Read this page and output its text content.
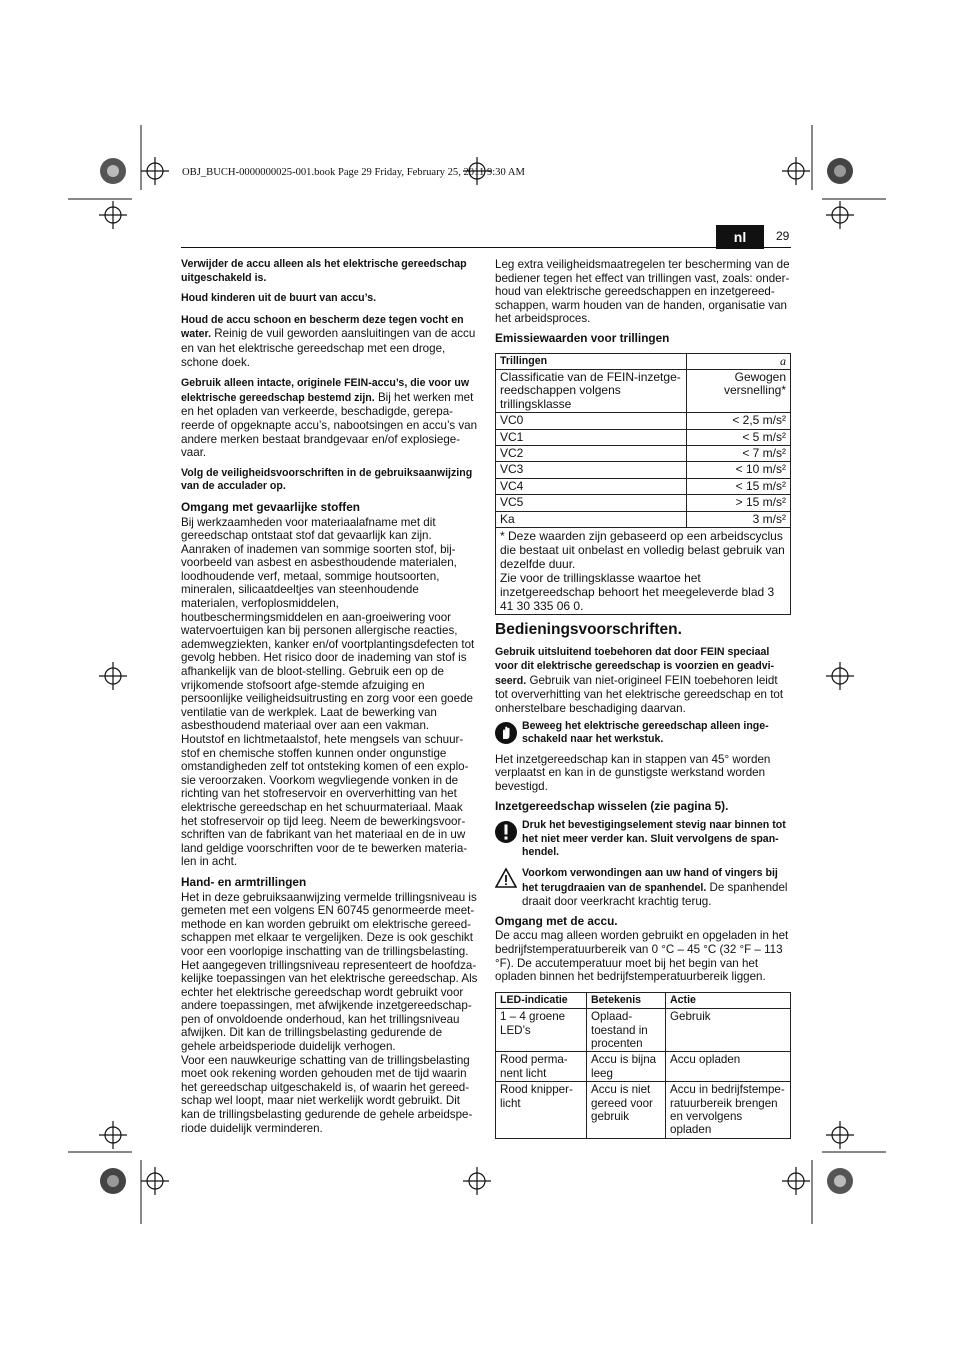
OBJ_BUCH-0000000025-001.book Page 29 Friday, February 25, 2011 9:30 AM
nl	29

Verwijder de accu alleen als het elektrische gereedschap uitgeschakeld is.

Houd kinderen uit de buurt van accu’s.

Houd de accu schoon en bescherm deze tegen vocht en water. Reinig de vuil geworden aansluitingen van de accu en van het elektrische gereedschap met een droge, schone doek.

Gebruik alleen intacte, originele FEIN-accu’s, die voor uw elektrische gereedschap bestemd zijn. Bij het werken met en het opladen van verkeerde, beschadigde, gerepa-reerde of opgeknapte accu’s, nabootsingen en accu’s van andere merken bestaat brandgevaar en/of explosiege-vaar.

Volg de veiligheidsvoorschriften in de gebruiksaanwijzing van de acculader op.

Omgang met gevaarlijke stoffen
Bij werkzaamheden voor materiaalafname met dit gereedschap ontstaat stof dat gevaarlijk kan zijn. Aanraken of inademen van sommige soorten stof, bij-voorbeeld van asbest en asbesthoudende materialen, loodhoudende verf, metaal, sommige houtsoorten, mineralen, silicaatdeeltjes van steenhoudende materialen, verfoplosmiddelen, houtbeschermingsmiddelen en aan-groeiwering voor watervoertuigen kan bij personen allergische reacties, ademwegziekten, kanker en/of voortplantingsdefecten tot gevolg hebben. Het risico door de inademing van stof is afhankelijk van de bloot-stelling. Gebruik een op de vrijkomende stofsoort afge-stemde afzuiging en persoonlijke veiligheidsuitrusting en zorg voor een goede ventilatie van de werkplek. Laat de bewerking van asbesthoudend materiaal over aan een vakman.
Houtstof en lichtmetaalstof, hete mengsels van schuur-stof en chemische stoffen kunnen onder ongunstige omstandigheden zelf tot ontsteking komen of een explo-sie veroorzaken. Voorkom wegvliegende vonken in de richting van het stofreservoir en oververhitting van het elektrische gereedschap en het schuurmateriaal. Maak het stofreservoir op tijd leeg. Neem de bewerkingsvoor-schriften van de fabrikant van het materiaal en de in uw land geldige voorschriften voor de te bewerken materia-len in acht.
Hand- en armtrillingen
Het in deze gebruiksaanwijzing vermelde trillingsniveau is gemeten met een volgens EN 60745 genormeerde meet-methode en kan worden gebruikt om elektrische gereed-schappen met elkaar te vergelijken. Deze is ook geschikt voor een voorlopige inschatting van de trillingsbelasting.
Het aangegeven trillingsniveau representeert de hoofdza-kelijke toepassingen van het elektrische gereedschap. Als echter het elektrische gereedschap wordt gebruikt voor andere toepassingen, met afwijkende inzetgereedschap-pen of onvoldoende onderhoud, kan het trillingsniveau afwijken. Dit kan de trillingsbelasting gedurende de gehele arbeidsperiode duidelijk verhogen.
Voor een nauwkeurige schatting van de trillingsbelasting moet ook rekening worden gehouden met de tijd waarin het gereedschap uitgeschakeld is, of waarin het gereed-schap wel loopt, maar niet werkelijk wordt gebruikt. Dit kan de trillingsbelasting gedurende de gehele arbeidspe-riode duidelijk verminderen.

Leg extra veiligheidsmaatregelen ter bescherming van de bediener tegen het effect van trillingen vast, zoals: onder-houd van elektrische gereedschappen en inzetgereed-schappen, warm houden van de handen, organisatie van het arbeidsproces.

Emissiewaarden voor trillingen
Trillingen	a
Classificatie van de FEIN-inzetge-reedschappen volgens trillingsklasse	Gewogen versnelling*
VC0	< 2,5 m/s²
VC1	< 5 m/s²
VC2	< 7 m/s²
VC3	< 10 m/s²
VC4	< 15 m/s²
VC5	> 15 m/s²
Ka	3 m/s²

* Deze waarden zijn gebaseerd op een arbeidscyclus die bestaat uit onbelast en volledig belast gebruik van dezelfde duur.
Zie voor de trillingsklasse waartoe het inzetgereedschap behoort het meegeleverde blad 3 41 30 335 06 0.	
Bedieningsvoorschriften.

Gebruik uitsluitend toebehoren dat door FEIN speciaal voor dit elektrische gereedschap is voorzien en geadvi-seerd. Gebruik van niet-origineel FEIN toebehoren leidt tot oververhitting van het elektrische gereedschap en tot onherstelbare beschadiging daarvan.

Beweeg het elektrische gereedschap alleen inge-schakeld naar het werkstuk.

Het inzetgereedschap kan in stappen van 45° worden verplaatst en kan in de gunstigste werkstand worden bevestigd.

Inzetgereedschap wisselen (zie pagina 5).
Druk het bevestigingselement stevig naar binnen tot het niet meer verder kan. Sluit vervolgens de span-hendel.
Voorkom verwondingen aan uw hand of vingers bij het terugdraaien van de spanhendel. De spanhendel draait door veerkracht krachtig terug.
Omgang met de accu.

De accu mag alleen worden gebruikt en opgeladen in het bedrijfstemperatuurbereik van 0 °C – 45 °C (32 °F – 113 °F). De accutemperatuur moet bij het begin van het opladen binnen het bedrijfstemperatuurbereik liggen.

LED-indicatie	Betekenis	Actie
1 – 4 groene LED’s	Oplaad-toestand in procenten	Gebruik
Rood perma-nent licht	Accu is bijna leeg	Accu opladen
Rood knipper-licht	Accu is niet gereed voor gebruik	Accu in bedrijfstempe-ratuurbereik brengen en vervolgens opladen
